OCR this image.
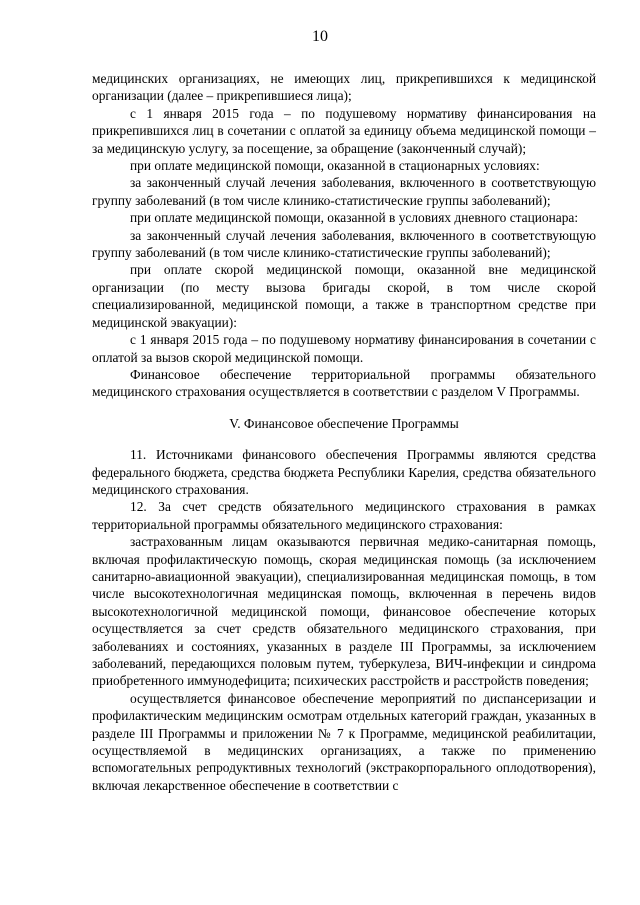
10

медицинских организациях, не имеющих лиц, прикрепившихся к медицинской организации (далее – прикрепившиеся лица);

с 1 января 2015 года – по подушевому нормативу финансирования на прикрепившихся лиц в сочетании с оплатой за единицу объема медицинской помощи – за медицинскую услугу, за посещение, за обращение (законченный случай);

при оплате медицинской помощи, оказанной в стационарных условиях:

за законченный случай лечения заболевания, включенного в соответствующую группу заболеваний (в том числе клинико-статистические группы заболеваний);

при оплате медицинской помощи, оказанной в условиях дневного стационара:

за законченный случай лечения заболевания, включенного в соответствующую группу заболеваний (в том числе клинико-статистические группы заболеваний);

при оплате скорой медицинской помощи, оказанной вне медицинской организации (по месту вызова бригады скорой, в том числе скорой специализированной, медицинской помощи, а также в транспортном средстве при медицинской эвакуации):

с 1 января 2015 года – по подушевому нормативу финансирования в сочетании с оплатой за вызов скорой медицинской помощи.

Финансовое обеспечение территориальной программы обязательного медицинского страхования осуществляется в соответствии с разделом V Программы.

V. Финансовое обеспечение Программы

11. Источниками финансового обеспечения Программы являются средства федерального бюджета, средства бюджета Республики Карелия, средства обязательного медицинского страхования.

12. За счет средств обязательного медицинского страхования в рамках территориальной программы обязательного медицинского страхования:

застрахованным лицам оказываются первичная медико-санитарная помощь, включая профилактическую помощь, скорая медицинская помощь (за исключением санитарно-авиационной эвакуации), специализированная медицинская помощь, в том числе высокотехнологичная медицинская помощь, включенная в перечень видов высокотехнологичной медицинской помощи, финансовое обеспечение которых осуществляется за счет средств обязательного медицинского страхования, при заболеваниях и состояниях, указанных в разделе III Программы, за исключением заболеваний, передающихся половым путем, туберкулеза, ВИЧ-инфекции и синдрома приобретенного иммунодефицита; психических расстройств и расстройств поведения;

осуществляется финансовое обеспечение мероприятий по диспансеризации и профилактическим медицинским осмотрам отдельных категорий граждан, указанных в разделе III Программы и приложении № 7 к Программе, медицинской реабилитации, осуществляемой в медицинских организациях, а также по применению вспомогательных репродуктивных технологий (экстракорпорального оплодотворения), включая лекарственное обеспечение в соответствии с
